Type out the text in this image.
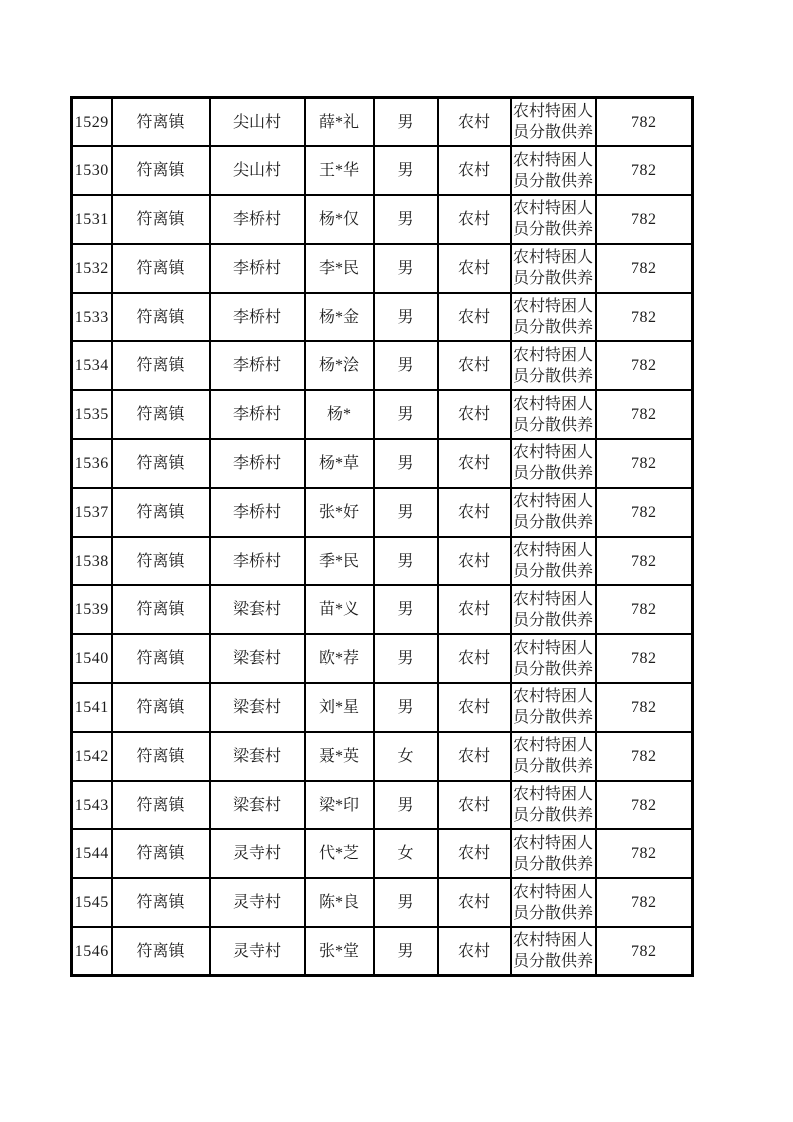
1529	符离镇	尖山村	薛*礼	男	农村	农村特困人员分散供养	782
1530	符离镇	尖山村	王*华	男	农村	农村特困人员分散供养	782
1531	符离镇	李桥村	杨*仅	男	农村	农村特困人员分散供养	782
1532	符离镇	李桥村	李*民	男	农村	农村特困人员分散供养	782
1533	符离镇	李桥村	杨*金	男	农村	农村特困人员分散供养	782
1534	符离镇	李桥村	杨*浍	男	农村	农村特困人员分散供养	782
1535	符离镇	李桥村	杨*	男	农村	农村特困人员分散供养	782
1536	符离镇	李桥村	杨*草	男	农村	农村特困人员分散供养	782
1537	符离镇	李桥村	张*好	男	农村	农村特困人员分散供养	782
1538	符离镇	李桥村	季*民	男	农村	农村特困人员分散供养	782
1539	符离镇	梁套村	苗*义	男	农村	农村特困人员分散供养	782
1540	符离镇	梁套村	欧*荐	男	农村	农村特困人员分散供养	782
1541	符离镇	梁套村	刘*星	男	农村	农村特困人员分散供养	782
1542	符离镇	梁套村	聂*英	女	农村	农村特困人员分散供养	782
1543	符离镇	梁套村	梁*印	男	农村	农村特困人员分散供养	782
1544	符离镇	灵寺村	代*芝	女	农村	农村特困人员分散供养	782
1545	符离镇	灵寺村	陈*良	男	农村	农村特困人员分散供养	782
1546	符离镇	灵寺村	张*堂	男	农村	农村特困人员分散供养	782
